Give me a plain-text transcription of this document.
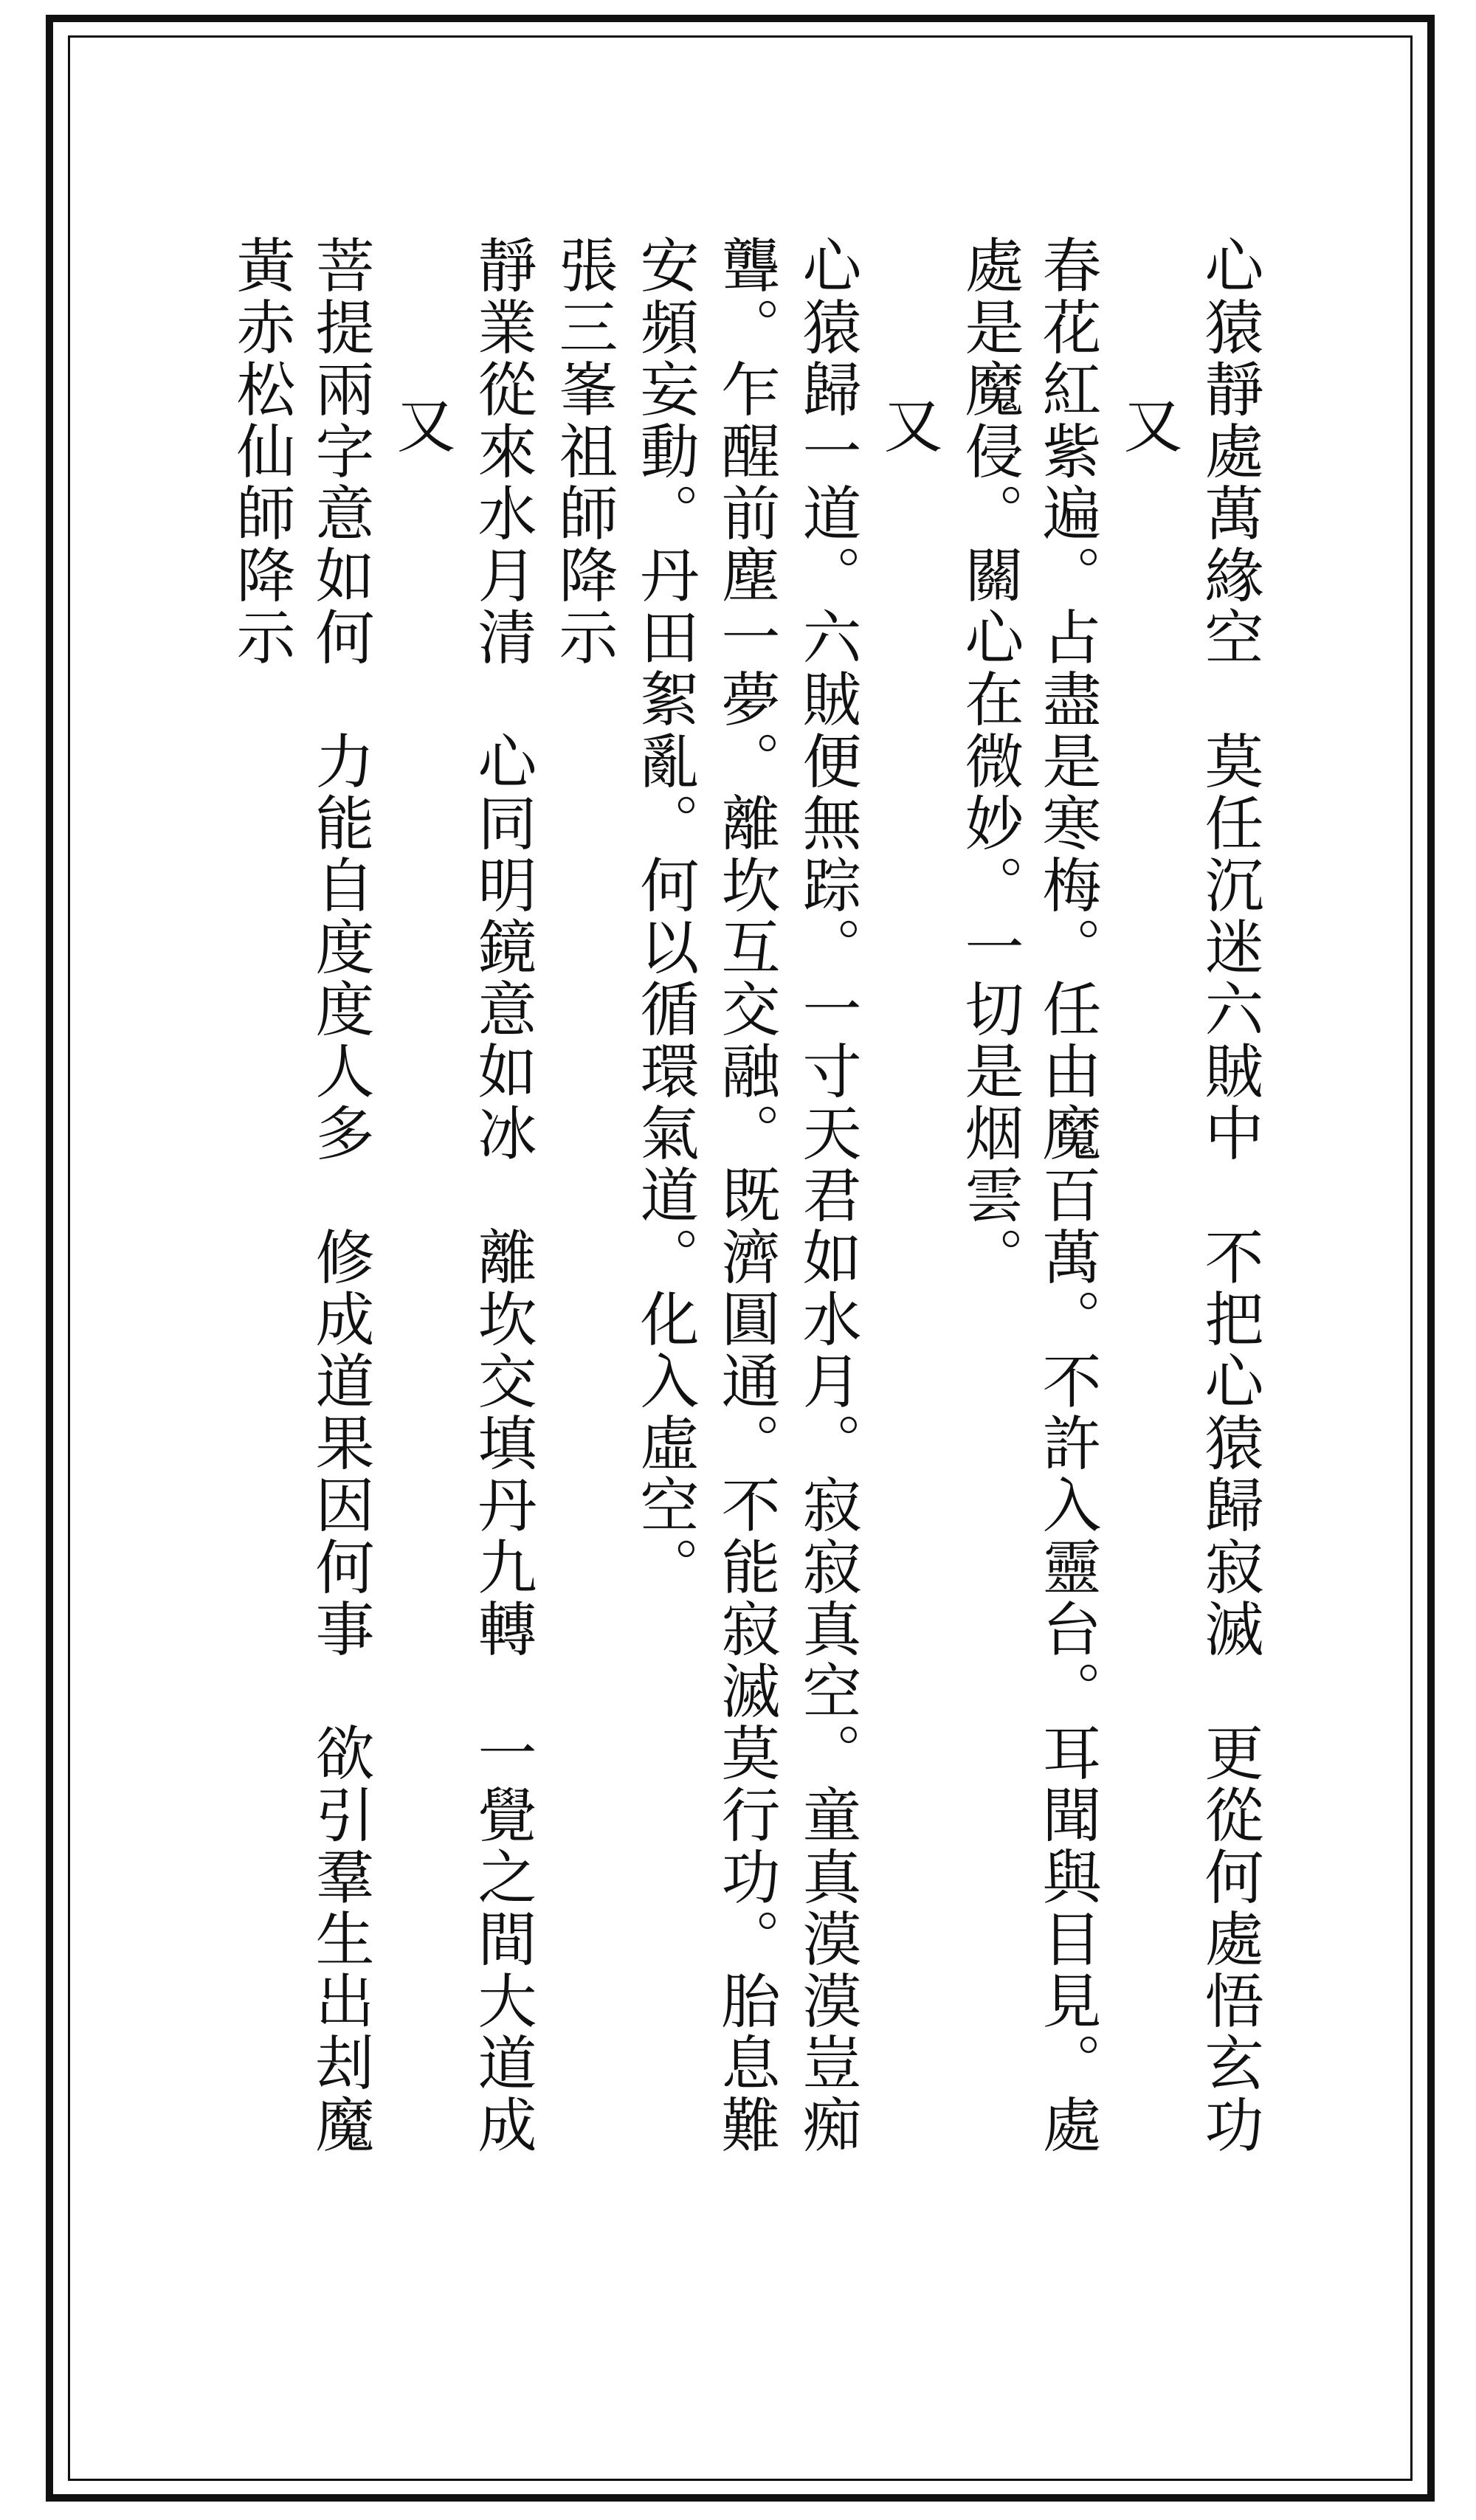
心猿靜處萬緣空　莫任沉迷六賊中　不把心猿歸寂滅　更從何處悟玄功
又
春花紅紫遍。占盡是寒梅。任由魔百萬。不許入靈台。耳聞與目見。處
處是魔侵。關心在微妙。一切是烟雲。
又
心猿歸一道。六賊便無踪。一寸天君如水月。寂寂真空。童真漠漠豈痴
聾。乍醒前塵一夢。離坎互交融。既濟圓通。不能寂滅莫行功。胎息難
安頻妄動。丹田絮亂。何以循環氣道。化入虛空。
張三峯祖師降示
靜業從來水月清　心同明鏡意如冰　離坎交填丹九轉　一覺之間大道成
又
菩提兩字意如何　力能自度度人多　修成道果因何事　欲引羣生出刦魔
黃赤松仙師降示
